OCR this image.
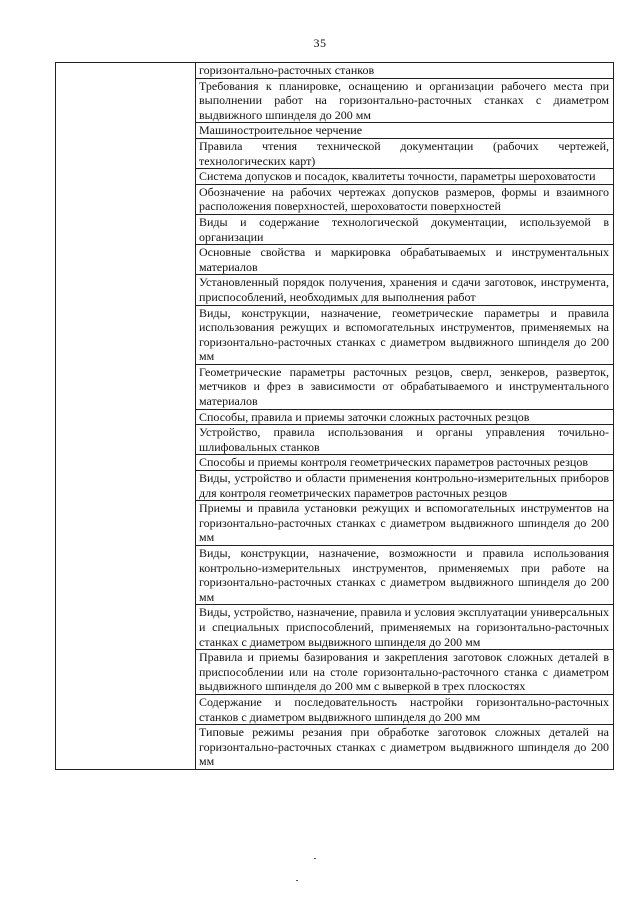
35
	горизонтально-расточных станков
Требования к планировке, оснащению и организации рабочего места при выполнении работ на горизонтально-расточных станках с диаметром выдвижного шпинделя до 200 мм
Машиностроительное черчение
Правила чтения технической документации (рабочих чертежей, технологических карт)
Система допусков и посадок, квалитеты точности, параметры шероховатости
Обозначение на рабочих чертежах допусков размеров, формы и взаимного расположения поверхностей, шероховатости поверхностей
Виды и содержание технологической документации, используемой в организации
Основные свойства и маркировка обрабатываемых и инструментальных материалов
Установленный порядок получения, хранения и сдачи заготовок, инструмента, приспособлений, необходимых для выполнения работ
Виды, конструкции, назначение, геометрические параметры и правила использования режущих и вспомогательных инструментов, применяемых на горизонтально-расточных станках с диаметром выдвижного шпинделя до 200 мм
Геометрические параметры расточных резцов, сверл, зенкеров, разверток, метчиков и фрез в зависимости от обрабатываемого и инструментального материалов
Способы, правила и приемы заточки сложных расточных резцов
Устройство, правила использования и органы управления точильно-шлифовальных станков
Способы и приемы контроля геометрических параметров расточных резцов
Виды, устройство и области применения контрольно-измерительных приборов для контроля геометрических параметров расточных резцов
Приемы и правила установки режущих и вспомогательных инструментов на горизонтально-расточных станках с диаметром выдвижного шпинделя до 200 мм
Виды, конструкции, назначение, возможности и правила использования контрольно-измерительных инструментов, применяемых при работе на горизонтально-расточных станках с диаметром выдвижного шпинделя до 200 мм
Виды, устройство, назначение, правила и условия эксплуатации универсальных и специальных приспособлений, применяемых на горизонтально-расточных станках с диаметром выдвижного шпинделя до 200 мм
Правила и приемы базирования и закрепления заготовок сложных деталей в приспособлении или на столе горизонтально-расточного станка с диаметром выдвижного шпинделя до 200 мм с выверкой в трех плоскостях
Содержание и последовательность настройки горизонтально-расточных станков с диаметром выдвижного шпинделя до 200 мм
Типовые режимы резания при обработке заготовок сложных деталей на горизонтально-расточных станках с диаметром выдвижного шпинделя до 200 мм
